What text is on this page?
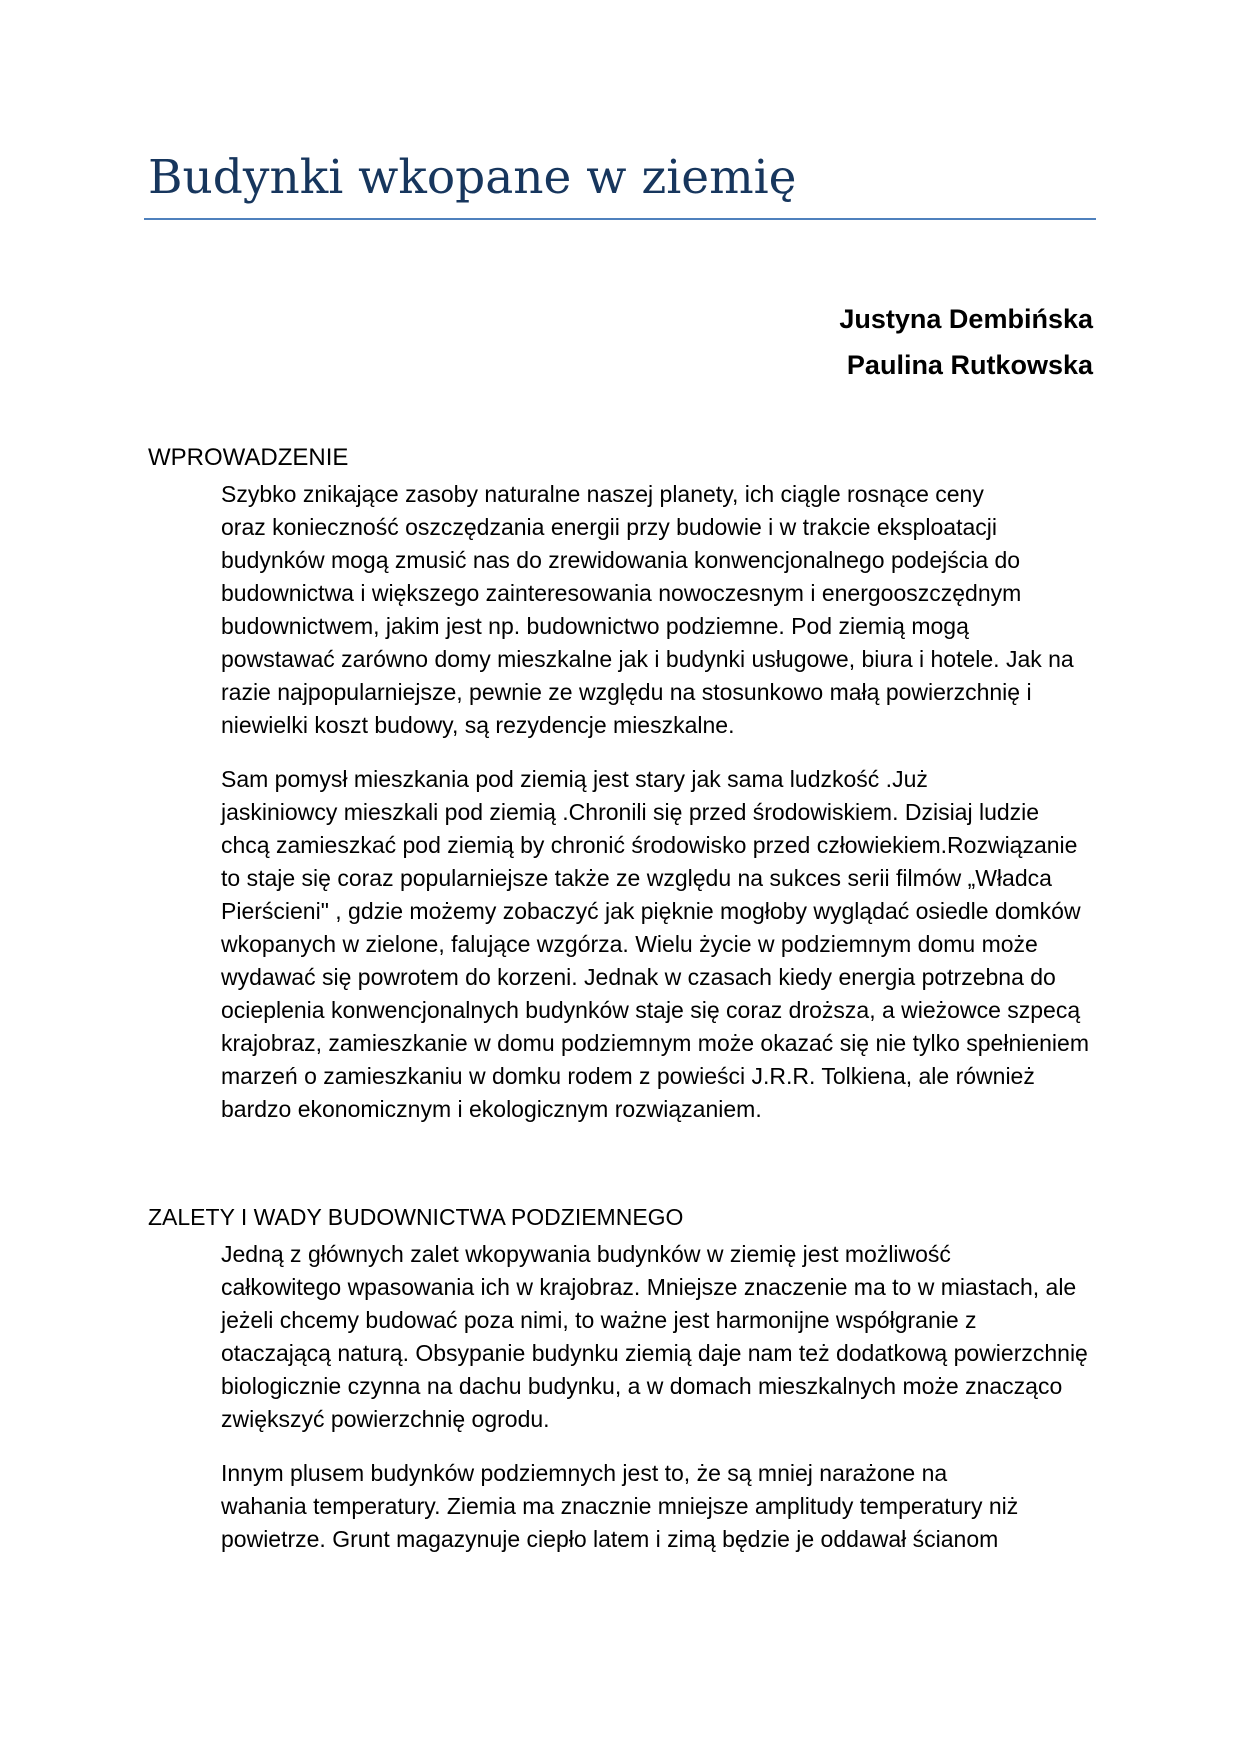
Budynki wkopane w ziemię
Justyna Dembińska
Paulina Rutkowska
WPROWADZENIE

Szybko znikające zasoby naturalne naszej planety, ich ciągle rosnące ceny
oraz konieczność oszczędzania energii przy budowie i w trakcie eksploatacji
budynków mogą zmusić nas do zrewidowania konwencjonalnego podejścia do
budownictwa i większego zainteresowania nowoczesnym i energooszczędnym
budownictwem, jakim jest np. budownictwo podziemne. Pod ziemią mogą
powstawać zarówno domy mieszkalne jak i budynki usługowe, biura i hotele. Jak na
razie najpopularniejsze, pewnie ze względu na stosunkowo małą powierzchnię i
niewielki koszt budowy, są rezydencje mieszkalne.

Sam pomysł mieszkania pod ziemią jest stary jak sama ludzkość .Już
jaskiniowcy mieszkali pod ziemią .Chronili się przed środowiskiem. Dzisiaj ludzie
chcą zamieszkać pod ziemią by chronić środowisko przed człowiekiem.Rozwiązanie
to staje się coraz popularniejsze także ze względu na sukces serii filmów „Władca
Pierścieni" , gdzie możemy zobaczyć jak pięknie mogłoby wyglądać osiedle domków
wkopanych w zielone, falujące wzgórza. Wielu życie w podziemnym domu może
wydawać się powrotem do korzeni. Jednak w czasach kiedy energia potrzebna do
ocieplenia konwencjonalnych budynków staje się coraz droższa, a wieżowce szpecą
krajobraz, zamieszkanie w domu podziemnym może okazać się nie tylko spełnieniem
marzeń o zamieszkaniu w domku rodem z powieści J.R.R. Tolkiena, ale również
bardzo ekonomicznym i ekologicznym rozwiązaniem.

ZALETY I WADY BUDOWNICTWA PODZIEMNEGO

Jedną z głównych zalet wkopywania budynków w ziemię jest możliwość
całkowitego wpasowania ich w krajobraz. Mniejsze znaczenie ma to w miastach, ale
jeżeli chcemy budować poza nimi, to ważne jest harmonijne współgranie z
otaczającą naturą. Obsypanie budynku ziemią daje nam też dodatkową powierzchnię
biologicznie czynna na dachu budynku, a w domach mieszkalnych może znacząco
zwiększyć powierzchnię ogrodu.

Innym plusem budynków podziemnych jest to, że są mniej narażone na
wahania temperatury. Ziemia ma znacznie mniejsze amplitudy temperatury niż
powietrze. Grunt magazynuje ciepło latem i zimą będzie je oddawał ścianom
